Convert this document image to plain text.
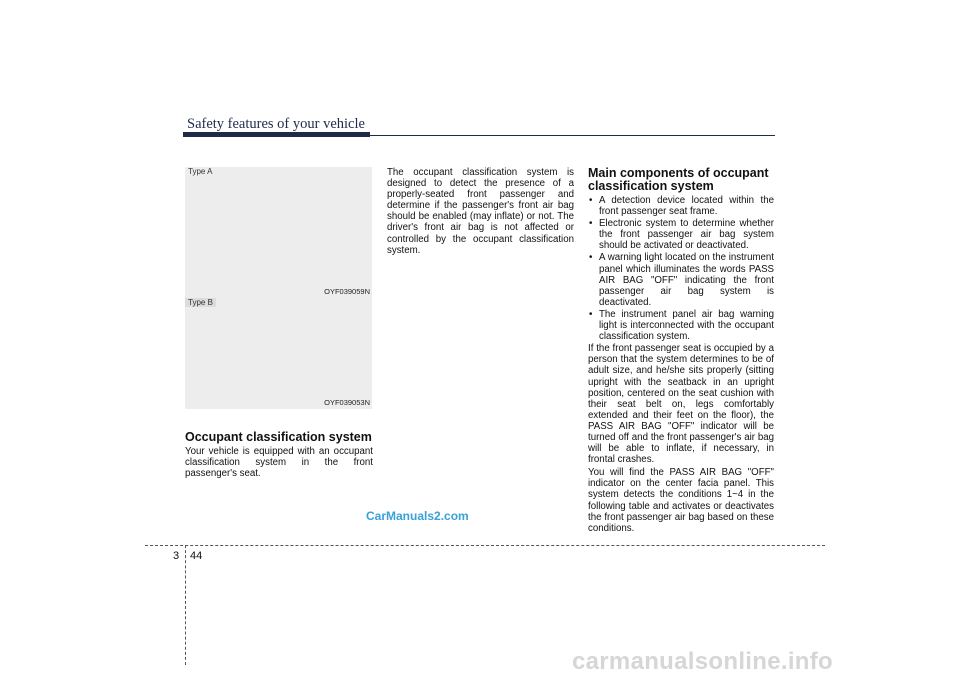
Safety features of your vehicle
Type A
OYF039059N
Type B
OYF039053N
Occupant classification system

Your vehicle is equipped with an occupant classification system in the front passenger's seat.

The occupant classification system is designed to detect the presence of a properly-seated front passenger and determine if the passenger's front air bag should be enabled (may inflate) or not. The driver's front air bag is not affected or controlled by the occupant classification system.

Main components of occupant classification system
• A detection device located within the front passenger seat frame.
• Electronic system to determine whether the front passenger air bag system should be activated or deactivated.
• A warning light located on the instrument panel which illuminates the words PASS AIR BAG "OFF" indicating the front passenger air bag system is deactivated.
• The instrument panel air bag warning light is interconnected with the occupant classification system.

If the front passenger seat is occupied by a person that the system determines to be of adult size, and he/she sits properly (sitting upright with the seatback in an upright position, centered on the seat cushion with their seat belt on, legs comfortably extended and their feet on the floor), the PASS AIR BAG "OFF" indicator will be turned off and the front passenger's air bag will be able to inflate, if necessary, in frontal crashes.

You will find the PASS AIR BAG "OFF" indicator on the center facia panel. This system detects the conditions 1~4 in the following table and activates or deactivates the front passenger air bag based on these conditions.

CarManuals2.com
3 44
carmanualsonline.info
